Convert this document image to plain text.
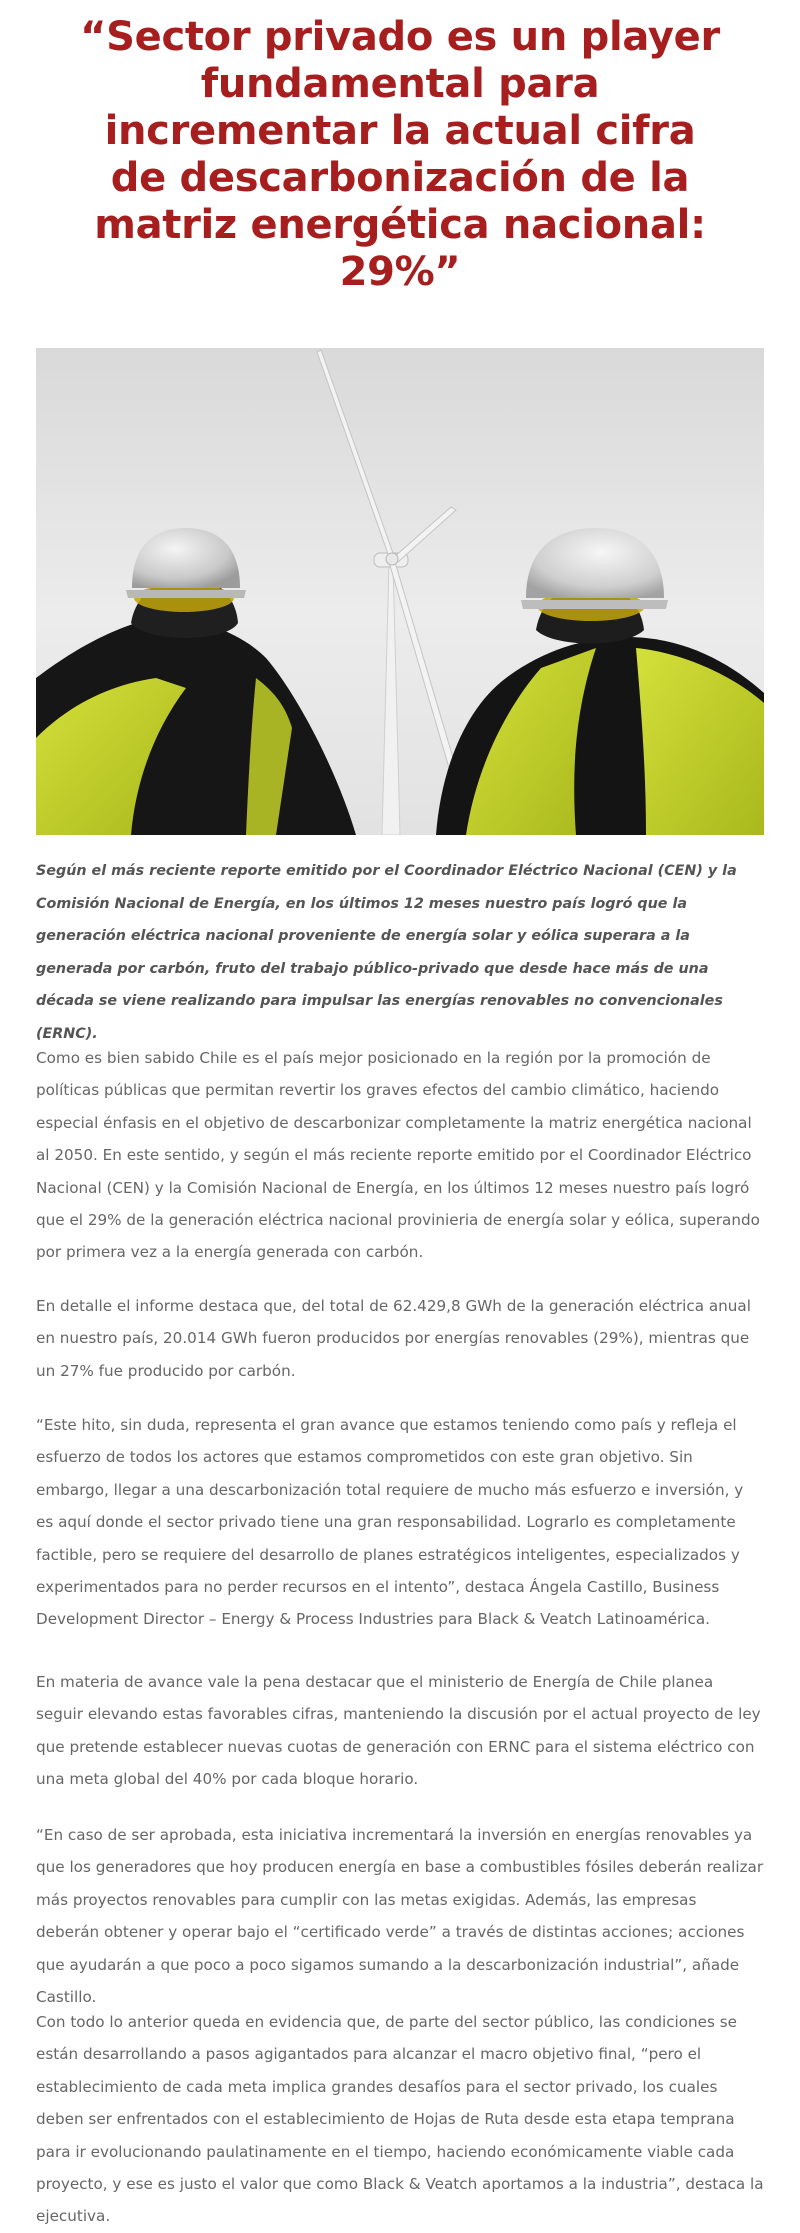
“Sector privado es un player fundamental para incrementar la actual cifra de descarbonización de la matriz energética nacional: 29%”

Según el más reciente reporte emitido por el Coordinador Eléctrico Nacional (CEN) y la Comisión Nacional de Energía, en los últimos 12 meses nuestro país logró que la generación eléctrica nacional proveniente de energía solar y eólica superara a la generada por carbón, fruto del trabajo público-privado que desde hace más de una década se viene realizando para impulsar las energías renovables no convencionales (ERNC).

Como es bien sabido Chile es el país mejor posicionado en la región por la promoción de políticas públicas que permitan revertir los graves efectos del cambio climático, haciendo especial énfasis en el objetivo de descarbonizar completamente la matriz energética nacional al 2050. En este sentido, y según el más reciente reporte emitido por el Coordinador Eléctrico Nacional (CEN) y la Comisión Nacional de Energía, en los últimos 12 meses nuestro país logró que el 29% de la generación eléctrica nacional provinieria de energía solar y eólica, superando por primera vez a la energía generada con carbón.

En detalle el informe destaca que, del total de 62.429,8 GWh de la generación eléctrica anual en nuestro país, 20.014 GWh fueron producidos por energías renovables (29%), mientras que un 27% fue producido por carbón.

“Este hito, sin duda, representa el gran avance que estamos teniendo como país y refleja el esfuerzo de todos los actores que estamos comprometidos con este gran objetivo. Sin embargo, llegar a una descarbonización total requiere de mucho más esfuerzo e inversión, y es aquí donde el sector privado tiene una gran responsabilidad. Lograrlo es completamente factible, pero se requiere del desarrollo de planes estratégicos inteligentes, especializados y experimentados para no perder recursos en el intento”, destaca Ángela Castillo, Business Development Director – Energy & Process Industries para Black & Veatch Latinoamérica.

En materia de avance vale la pena destacar que el ministerio de Energía de Chile planea seguir elevando estas favorables cifras, manteniendo la discusión por el actual proyecto de ley que pretende establecer nuevas cuotas de generación con ERNC para el sistema eléctrico con una meta global del 40% por cada bloque horario.

“En caso de ser aprobada, esta iniciativa incrementará la inversión en energías renovables ya que los generadores que hoy producen energía en base a combustibles fósiles deberán realizar más proyectos renovables para cumplir con las metas exigidas. Además, las empresas deberán obtener y operar bajo el “certificado verde” a través de distintas acciones; acciones que ayudarán a que poco a poco sigamos sumando a la descarbonización industrial”, añade Castillo.

Con todo lo anterior queda en evidencia que, de parte del sector público, las condiciones se están desarrollando a pasos agigantados para alcanzar el macro objetivo final, “pero el establecimiento de cada meta implica grandes desafíos para el sector privado, los cuales deben ser enfrentados con el establecimiento de Hojas de Ruta desde esta etapa temprana para ir evolucionando paulatinamente en el tiempo, haciendo económicamente viable cada proyecto, y ese es justo el valor que como Black & Veatch aportamos a la industria”, destaca la ejecutiva.
